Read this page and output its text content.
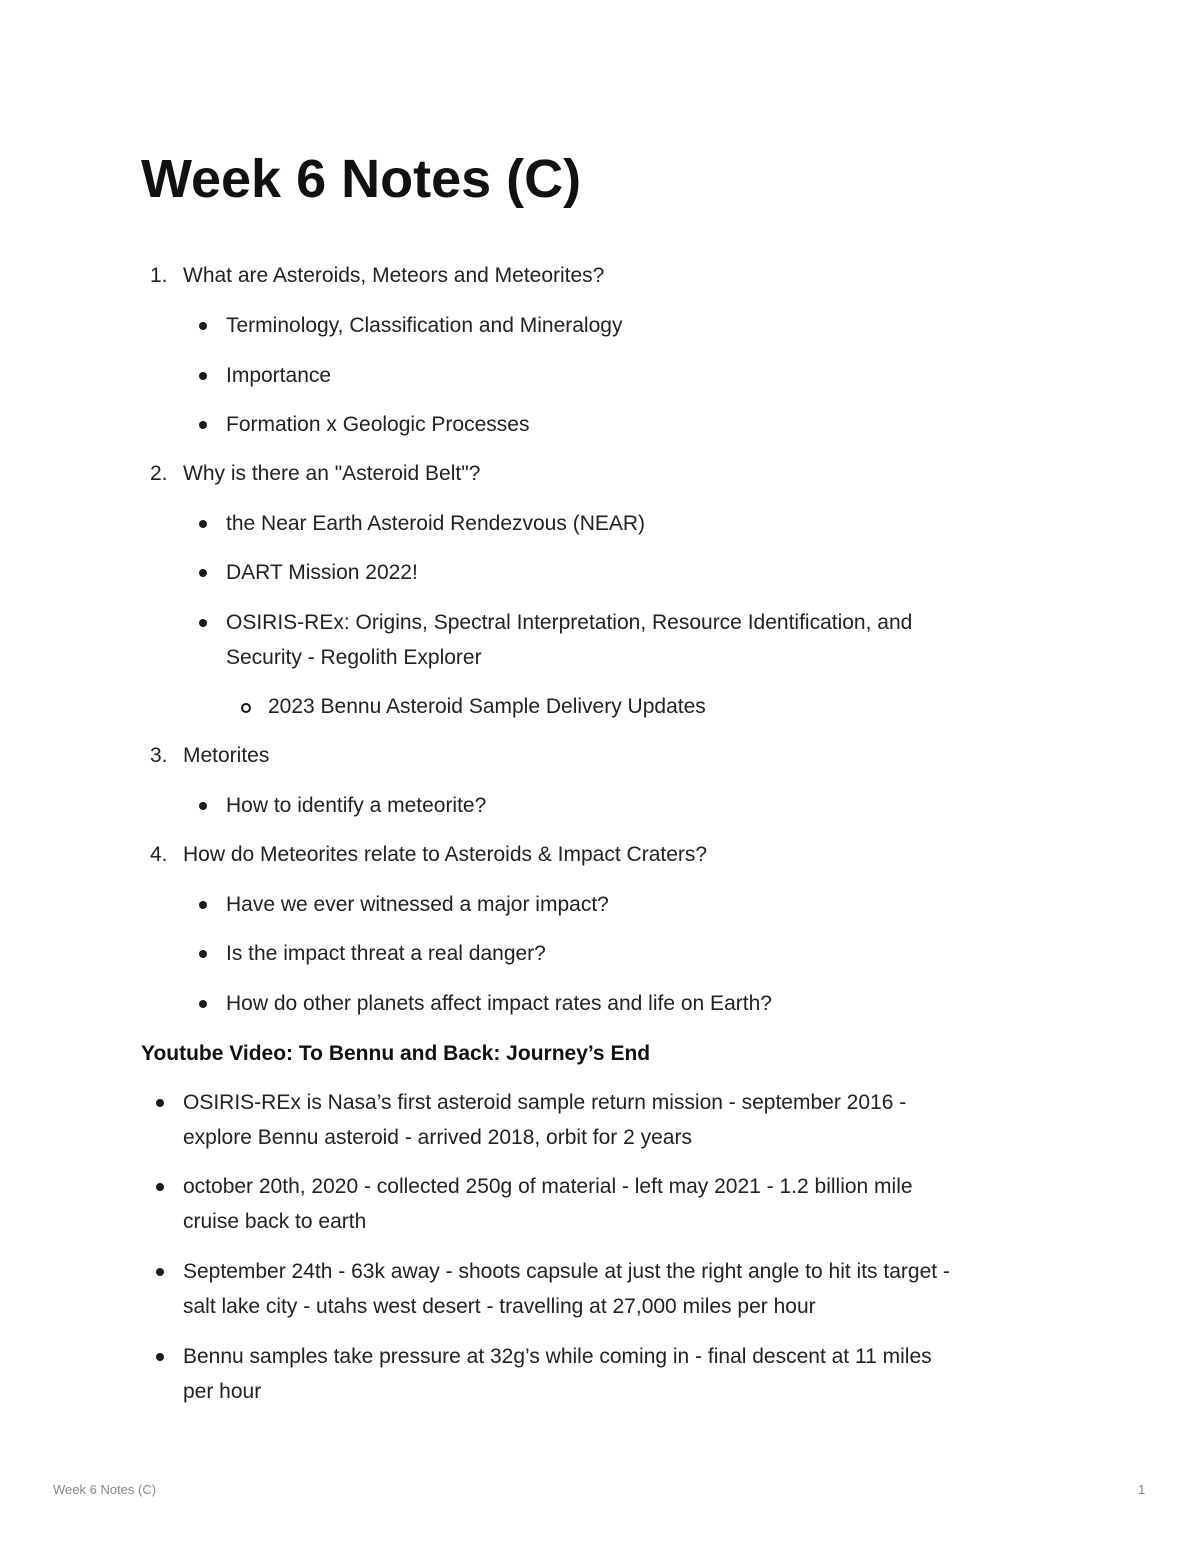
Week 6 Notes (C)
1. What are Asteroids, Meteors and Meteorites?
Terminology, Classification and Mineralogy
Importance
Formation x Geologic Processes
2. Why is there an "Asteroid Belt"?
the Near Earth Asteroid Rendezvous (NEAR)
DART Mission 2022!
OSIRIS-REx: Origins, Spectral Interpretation, Resource Identification, and
Security - Regolith Explorer
2023 Bennu Asteroid Sample Delivery Updates
3. Metorites
How to identify a meteorite?
4. How do Meteorites relate to Asteroids & Impact Craters?
Have we ever witnessed a major impact?
Is the impact threat a real danger?
How do other planets affect impact rates and life on Earth?
Youtube Video: To Bennu and Back: Journey’s End
OSIRIS-REx is Nasa’s first asteroid sample return mission - september 2016 -
explore Bennu asteroid - arrived 2018, orbit for 2 years
october 20th, 2020 - collected 250g of material - left may 2021 - 1.2 billion mile
cruise back to earth
September 24th - 63k away - shoots capsule at just the right angle to hit its target -
salt lake city - utahs west desert - travelling at 27,000 miles per hour
Bennu samples take pressure at 32g’s while coming in - final descent at 11 miles
per hour
Week 6 Notes (C)	1
